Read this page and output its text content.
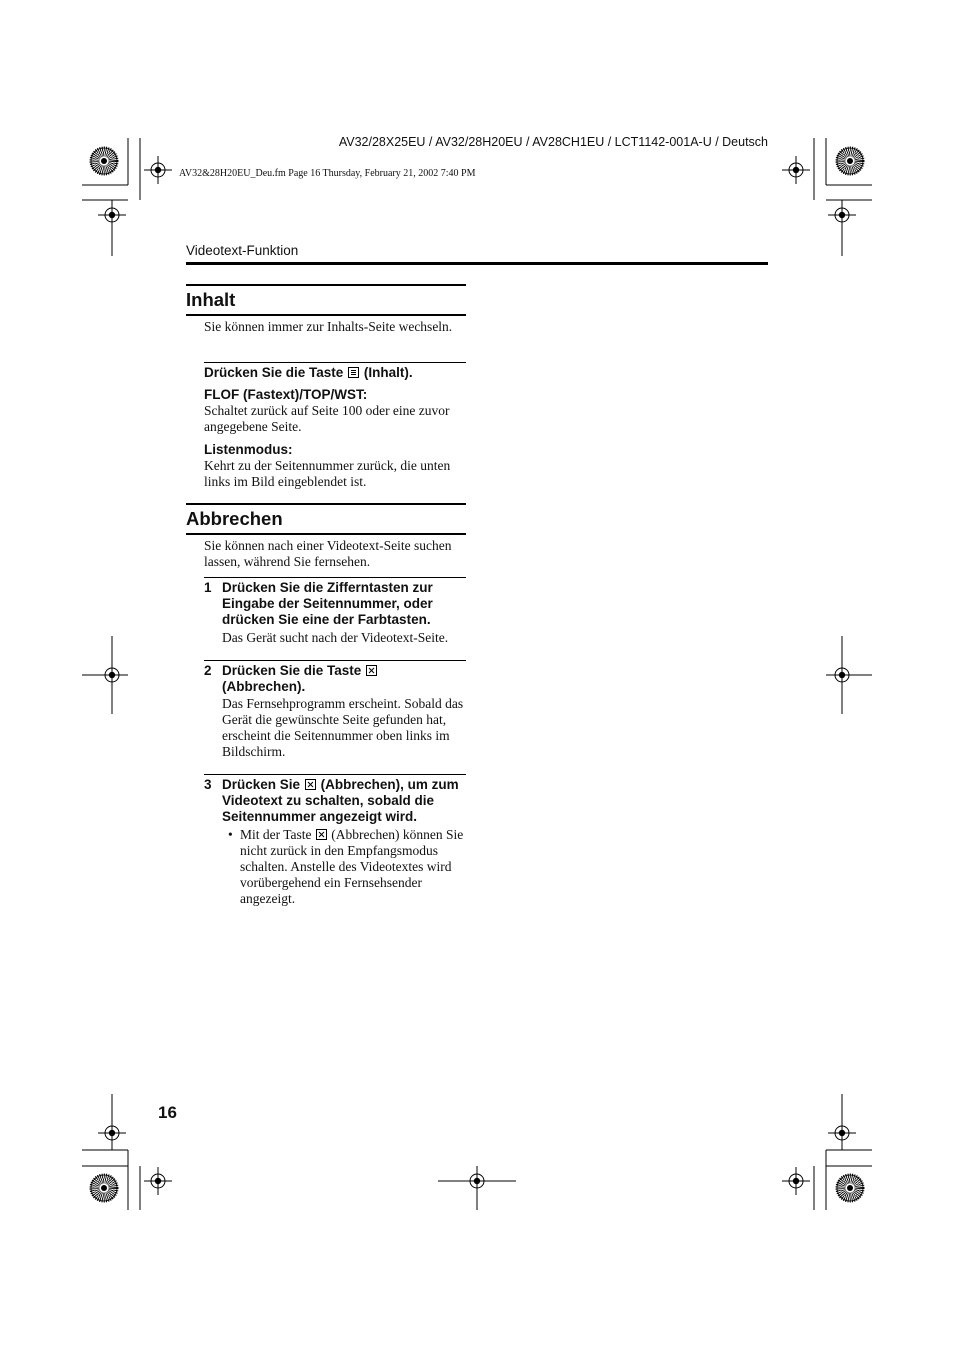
AV32/28X25EU / AV32/28H20EU / AV28CH1EU / LCT1142-001A-U / Deutsch
AV32&28H20EU_Deu.fm Page 16 Thursday, February 21, 2002 7:40 PM
Videotext-Funktion
Inhalt
Sie können immer zur Inhalts-Seite wechseln.
Drücken Sie die Taste (Inhalt).
FLOF (Fastext)/TOP/WST:
Schaltet zurück auf Seite 100 oder eine zuvor angegebene Seite.
Listenmodus:
Kehrt zu der Seitennummer zurück, die unten links im Bild eingeblendet ist.
Abbrechen
Sie können nach einer Videotext-Seite suchen lassen, während Sie fernsehen.
1 Drücken Sie die Zifferntasten zur Eingabe der Seitennummer, oder drücken Sie eine der Farbtasten.
Das Gerät sucht nach der Videotext-Seite.
2 Drücken Sie die Taste
(Abbrechen).
Das Fernsehprogramm erscheint. Sobald das Gerät die gewünschte Seite gefunden hat, erscheint die Seitennummer oben links im Bildschirm.
3 Drücken Sie (Abbrechen), um zum Videotext zu schalten, sobald die Seitennummer angezeigt wird.
• Mit der Taste (Abbrechen) können Sie nicht zurück in den Empfangsmodus schalten. Anstelle des Videotextes wird vorübergehend ein Fernsehsender angezeigt.
16
